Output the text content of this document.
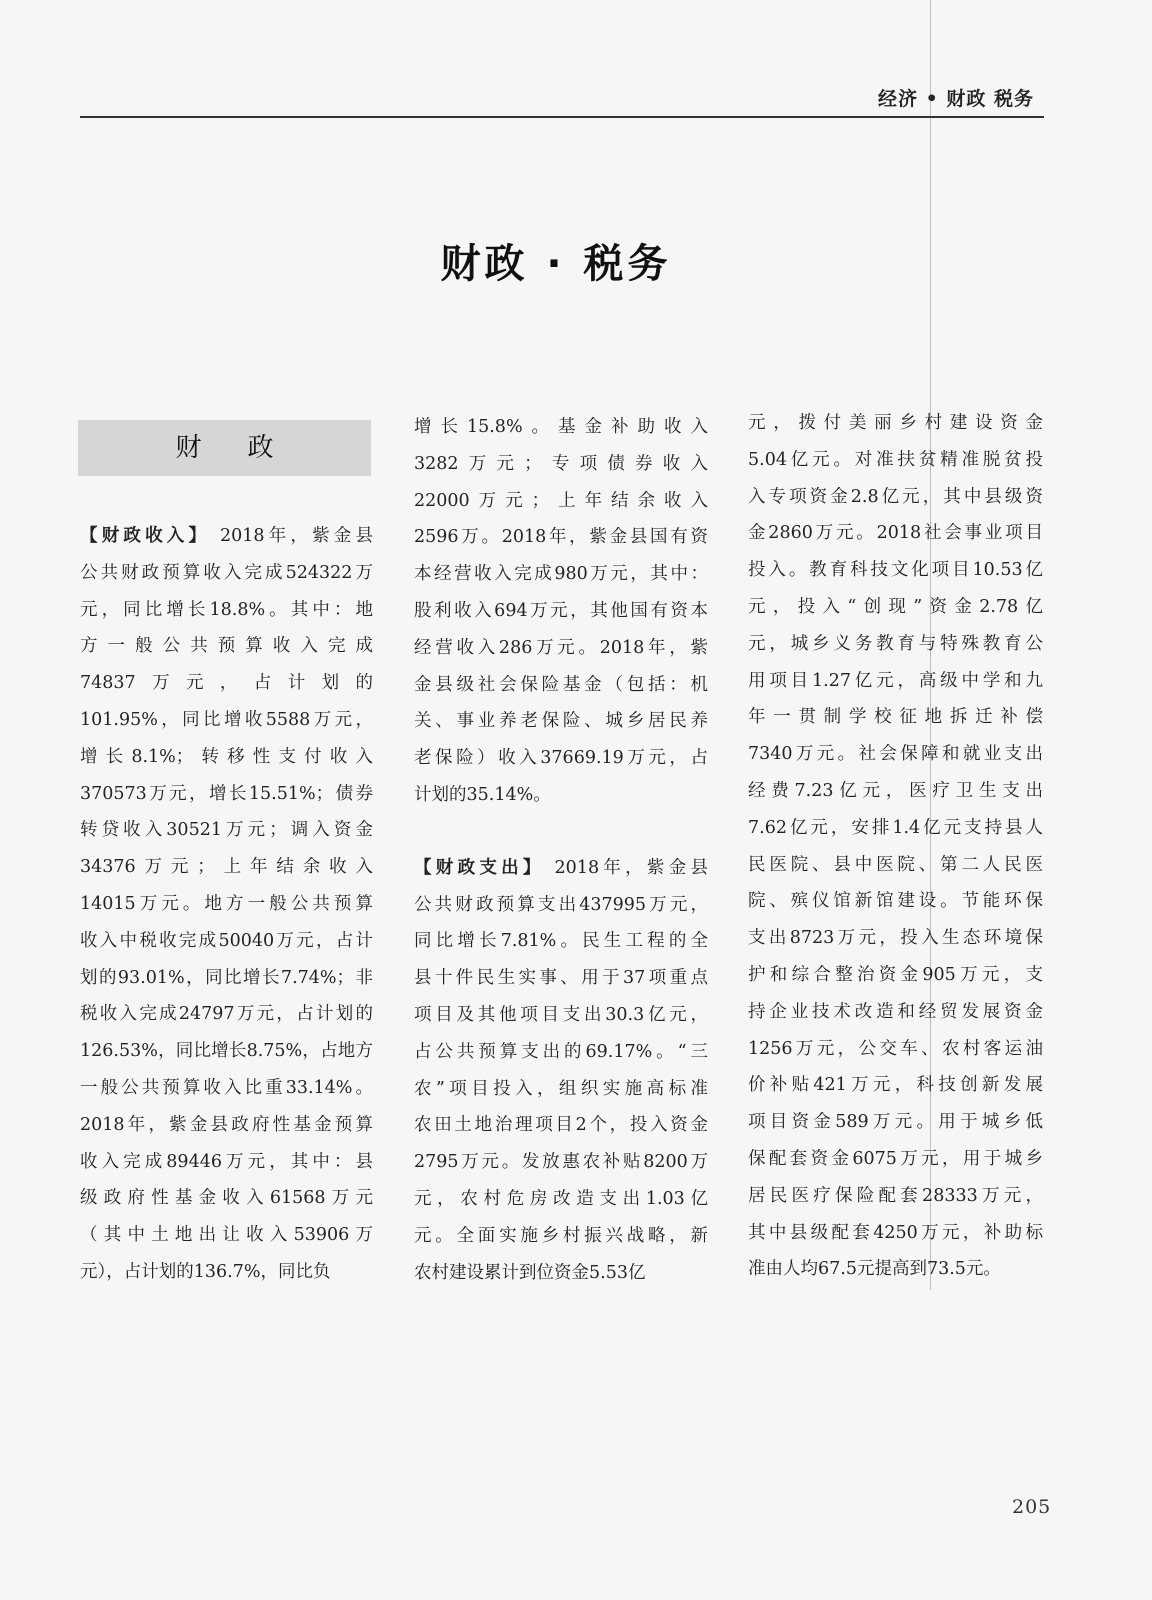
经济 • 财政 税务
财政 · 税务
财政
【财政收入】 2018年，紫金县
公共财政预算收入完成524322万
元，同比增长18.8%。其中：地
方一般公共预算收入完成
74837万元，占计划的
101.95%，同比增收5588万元，
增长8.1%；转移性支付收入
370573万元，增长15.51%；债券
转贷收入30521万元；调入资金
34376万元；上年结余收入
14015万元。地方一般公共预算
收入中税收完成50040万元，占计
划的93.01%，同比增长7.74%；非
税收入完成24797万元，占计划的
126.53%，同比增长8.75%，占地方
一般公共预算收入比重33.14%。
2018年，紫金县政府性基金预算
收入完成89446万元，其中：县
级政府性基金收入61568万元
（其中土地出让收入53906万
元），占计划的136.7%，同比负
增长15.8%。基金补助收入
3282万元；专项债券收入
22000万元；上年结余收入
2596万。2018年，紫金县国有资
本经营收入完成980万元，其中：
股利收入694万元，其他国有资本
经营收入286万元。2018年，紫
金县级社会保险基金（包括：机
关、事业养老保险、城乡居民养
老保险）收入37669.19万元，占
计划的35.14%。
【财政支出】 2018年，紫金县
公共财政预算支出437995万元，
同比增长7.81%。民生工程的全
县十件民生实事、用于37项重点
项目及其他项目支出30.3亿元，
占公共预算支出的69.17%。“三
农”项目投入，组织实施高标准
农田土地治理项目2个，投入资金
2795万元。发放惠农补贴8200万
元，农村危房改造支出1.03亿
元。全面实施乡村振兴战略，新
农村建设累计到位资金5.53亿
元，拨付美丽乡村建设资金
5.04亿元。对准扶贫精准脱贫投
入专项资金2.8亿元，其中县级资
金2860万元。2018社会事业项目
投入。教育科技文化项目10.53亿
元，投入“创现”资金2.78亿
元，城乡义务教育与特殊教育公
用项目1.27亿元，高级中学和九
年一贯制学校征地拆迁补偿
7340万元。社会保障和就业支出
经费7.23亿元，医疗卫生支出
7.62亿元，安排1.4亿元支持县人
民医院、县中医院、第二人民医
院、殡仪馆新馆建设。节能环保
支出8723万元，投入生态环境保
护和综合整治资金905万元，支
持企业技术改造和经贸发展资金
1256万元，公交车、农村客运油
价补贴421万元，科技创新发展
项目资金589万元。用于城乡低
保配套资金6075万元，用于城乡
居民医疗保险配套28333万元，
其中县级配套4250万元，补助标
准由人均67.5元提高到73.5元。
205
